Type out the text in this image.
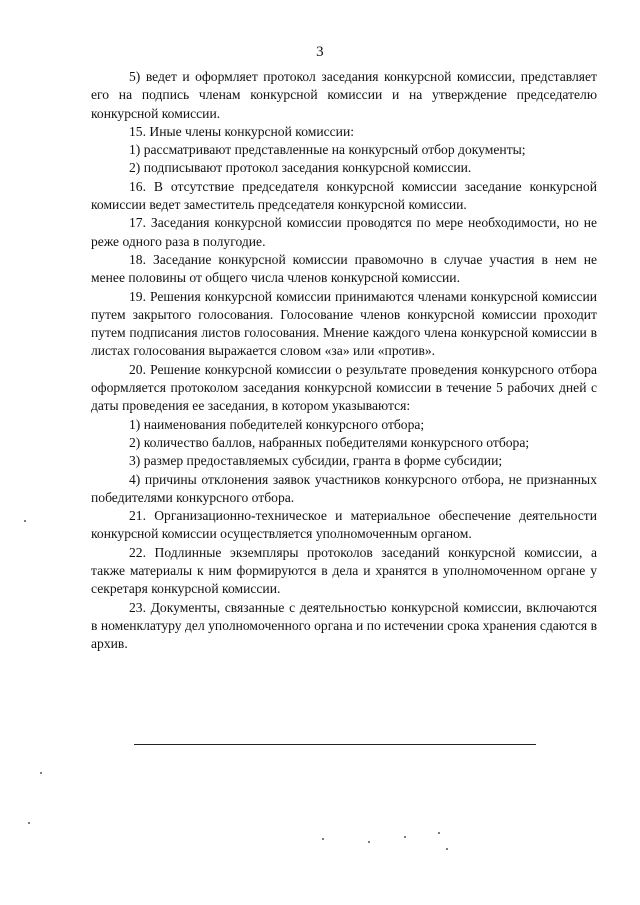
3

5) ведет и оформляет протокол заседания конкурсной комиссии, представляет его на подпись членам конкурсной комиссии и на утверждение председателю конкурсной комиссии.

15. Иные члены конкурсной комиссии:

1) рассматривают представленные на конкурсный отбор документы;

2) подписывают протокол заседания конкурсной комиссии.

16. В отсутствие председателя конкурсной комиссии заседание конкурсной комиссии ведет заместитель председателя конкурсной комиссии.

17. Заседания конкурсной комиссии проводятся по мере необходимости, но не реже одного раза в полугодие.

18. Заседание конкурсной комиссии правомочно в случае участия в нем не менее половины от общего числа членов конкурсной комиссии.

19. Решения конкурсной комиссии принимаются членами конкурсной комиссии путем закрытого голосования. Голосование членов конкурсной комиссии проходит путем подписания листов голосования. Мнение каждого члена конкурсной комиссии в листах голосования выражается словом «за» или «против».

20. Решение конкурсной комиссии о результате проведения конкурсного отбора оформляется протоколом заседания конкурсной комиссии в течение 5 рабочих дней с даты проведения ее заседания, в котором указываются:

1) наименования победителей конкурсного отбора;

2) количество баллов, набранных победителями конкурсного отбора;

3) размер предоставляемых субсидии, гранта в форме субсидии;

4) причины отклонения заявок участников конкурсного отбора, не признанных победителями конкурсного отбора.

21. Организационно-техническое и материальное обеспечение деятельности конкурсной комиссии осуществляется уполномоченным органом.

22. Подлинные экземпляры протоколов заседаний конкурсной комиссии, а также материалы к ним формируются в дела и хранятся в уполномоченном органе у секретаря конкурсной комиссии.

23. Документы, связанные с деятельностью конкурсной комиссии, включаются в номенклатуру дел уполномоченного органа и по истечении срока хранения сдаются в архив.
